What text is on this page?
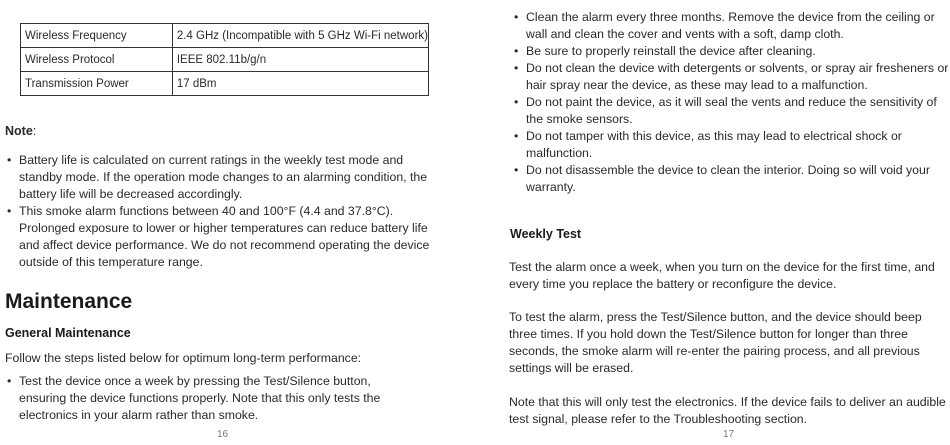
Wireless Frequency	2.4 GHz (Incompatible with 5 GHz Wi-Fi network)
Wireless Protocol	IEEE 802.11b/g/n
Transmission Power	17 dBm

Note:

• Battery life is calculated on current ratings in the weekly test mode and standby mode. If the operation mode changes to an alarming condition, the battery life will be decreased accordingly.
• This smoke alarm functions between 40 and 100°F (4.4 and 37.8°C). Prolonged exposure to lower or higher temperatures can reduce battery life and affect device performance. We do not recommend operating the device outside of this temperature range.
Maintenance
General Maintenance

Follow the steps listed below for optimum long-term performance:

• Test the device once a week by pressing the Test/Silence button, ensuring the device functions properly. Note that this only tests the electronics in your alarm rather than smoke.
16
• Clean the alarm every three months. Remove the device from the ceiling or wall and clean the cover and vents with a soft, damp cloth.
• Be sure to properly reinstall the device after cleaning.
• Do not clean the device with detergents or solvents, or spray air fresheners or hair spray near the device, as these may lead to a malfunction.
• Do not paint the device, as it will seal the vents and reduce the sensitivity of the smoke sensors.
• Do not tamper with this device, as this may lead to electrical shock or malfunction.
• Do not disassemble the device to clean the interior. Doing so will void your warranty.
Weekly Test

Test the alarm once a week, when you turn on the device for the first time, and every time you replace the battery or reconfigure the device.

To test the alarm, press the Test/Silence button, and the device should beep three times. If you hold down the Test/Silence button for longer than three seconds, the smoke alarm will re-enter the pairing process, and all previous settings will be erased.

Note that this will only test the electronics. If the device fails to deliver an audible test signal, please refer to the Troubleshooting section.

17
